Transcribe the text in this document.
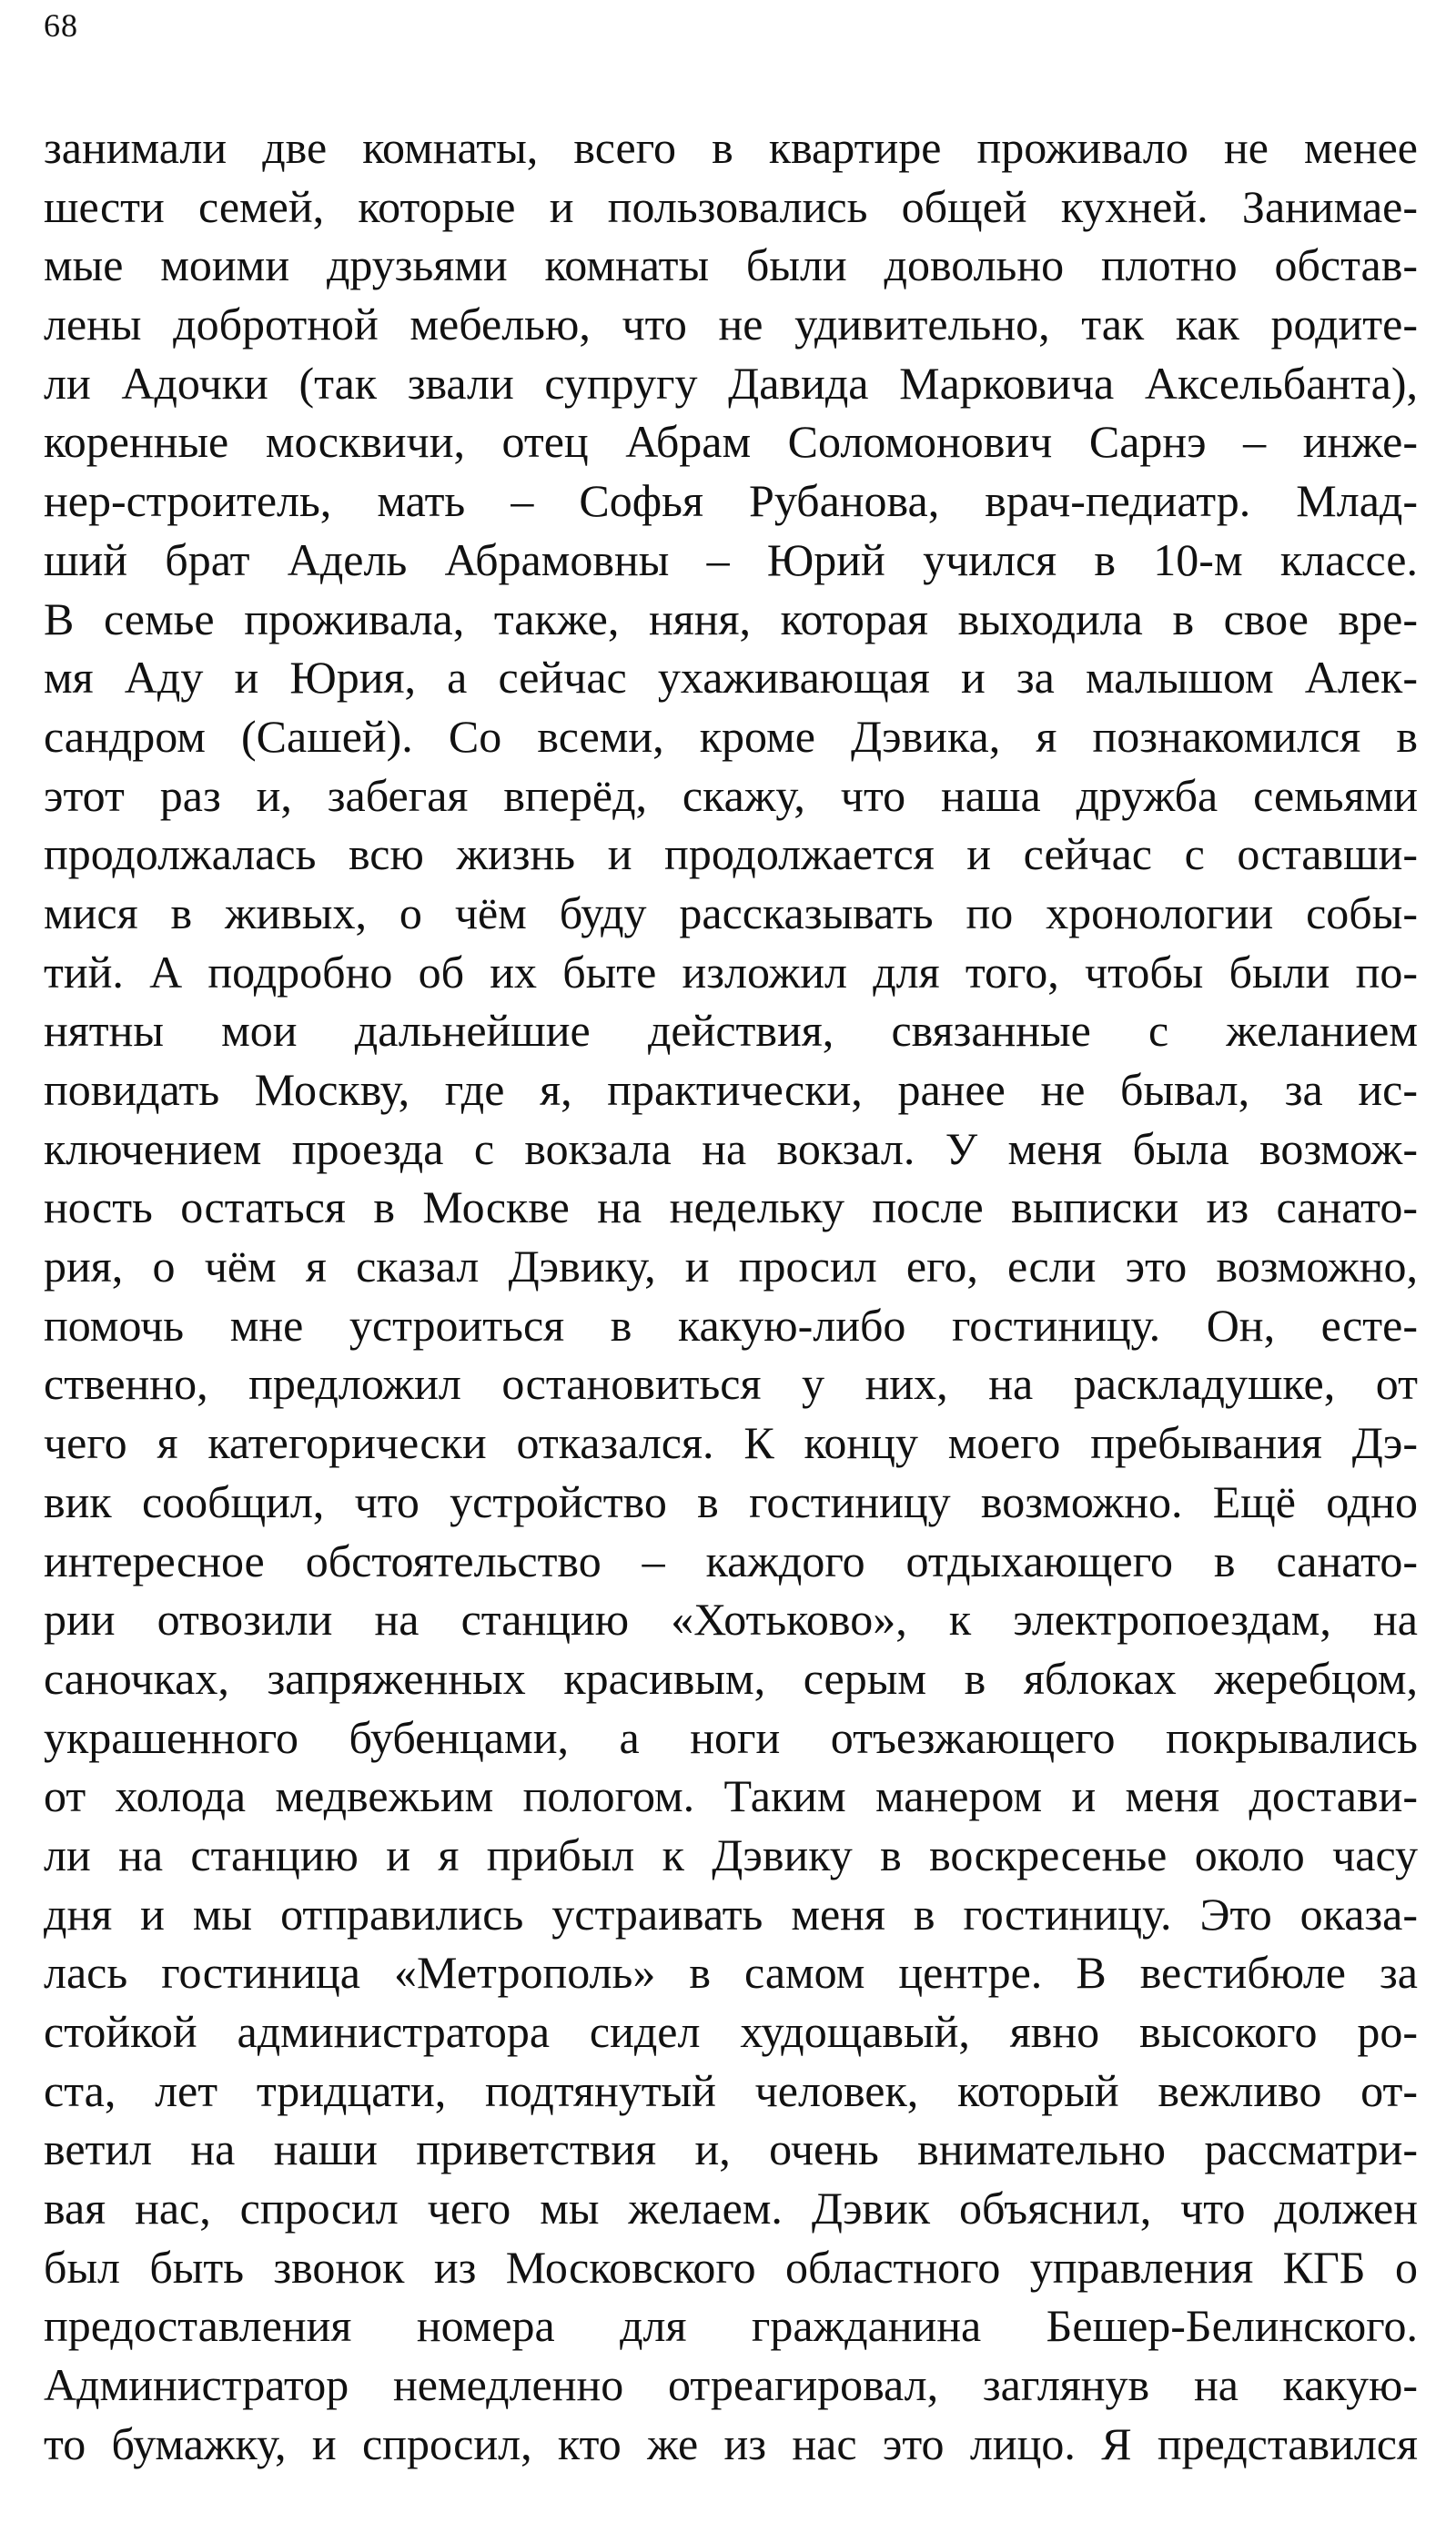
68
занимали две комнаты, всего в квартире проживало не менее
шести семей, которые и пользовались общей кухней. Занимае-
мые моими друзьями комнаты были довольно плотно обстав-
лены добротной мебелью, что не удивительно, так как родите-
ли Адочки (так звали супругу Давида Марковича Аксельбанта),
коренные москвичи, отец Абрам Соломонович Сарнэ – инже-
нер-строитель, мать – Софья Рубанова, врач-педиатр. Млад-
ший брат Адель Абрамовны – Юрий учился в 10-м классе.
В семье проживала, также, няня, которая выходила в свое вре-
мя Аду и Юрия, а сейчас ухаживающая и за малышом Алек-
сандром (Сашей). Со всеми, кроме Дэвика, я познакомился в
этот раз и, забегая вперёд, скажу, что наша дружба семьями
продолжалась всю жизнь и продолжается и сейчас с оставши-
мися в живых, о чём буду рассказывать по хронологии собы-
тий. А подробно об их быте изложил для того, чтобы были по-
нятны мои дальнейшие действия, связанные с желанием
повидать Москву, где я, практически, ранее не бывал, за ис-
ключением проезда с вокзала на вокзал. У меня была возмож-
ность остаться в Москве на недельку после выписки из санато-
рия, о чём я сказал Дэвику, и просил его, если это возможно,
помочь мне устроиться в какую-либо гостиницу. Он, есте-
ственно, предложил остановиться у них, на раскладушке, от
чего я категорически отказался. К концу моего пребывания Дэ-
вик сообщил, что устройство в гостиницу возможно. Ещё одно
интересное обстоятельство – каждого отдыхающего в санато-
рии отвозили на станцию «Хотьково», к электропоездам, на
саночках, запряженных красивым, серым в яблоках жеребцом,
украшенного бубенцами, а ноги отъезжающего покрывались
от холода медвежьим пологом. Таким манером и меня достави-
ли на станцию и я прибыл к Дэвику в воскресенье около часу
дня и мы отправились устраивать меня в гостиницу. Это оказа-
лась гостиница «Метрополь» в самом центре. В вестибюле за
стойкой администратора сидел худощавый, явно высокого ро-
ста, лет тридцати, подтянутый человек, который вежливо от-
ветил на наши приветствия и, очень внимательно рассматри-
вая нас, спросил чего мы желаем. Дэвик объяснил, что должен
был быть звонок из Московского областного управления КГБ о
предоставления номера для гражданина Бешер-Белинского.
Администратор немедленно отреагировал, заглянув на какую-
то бумажку, и спросил, кто же из нас это лицо. Я представился
